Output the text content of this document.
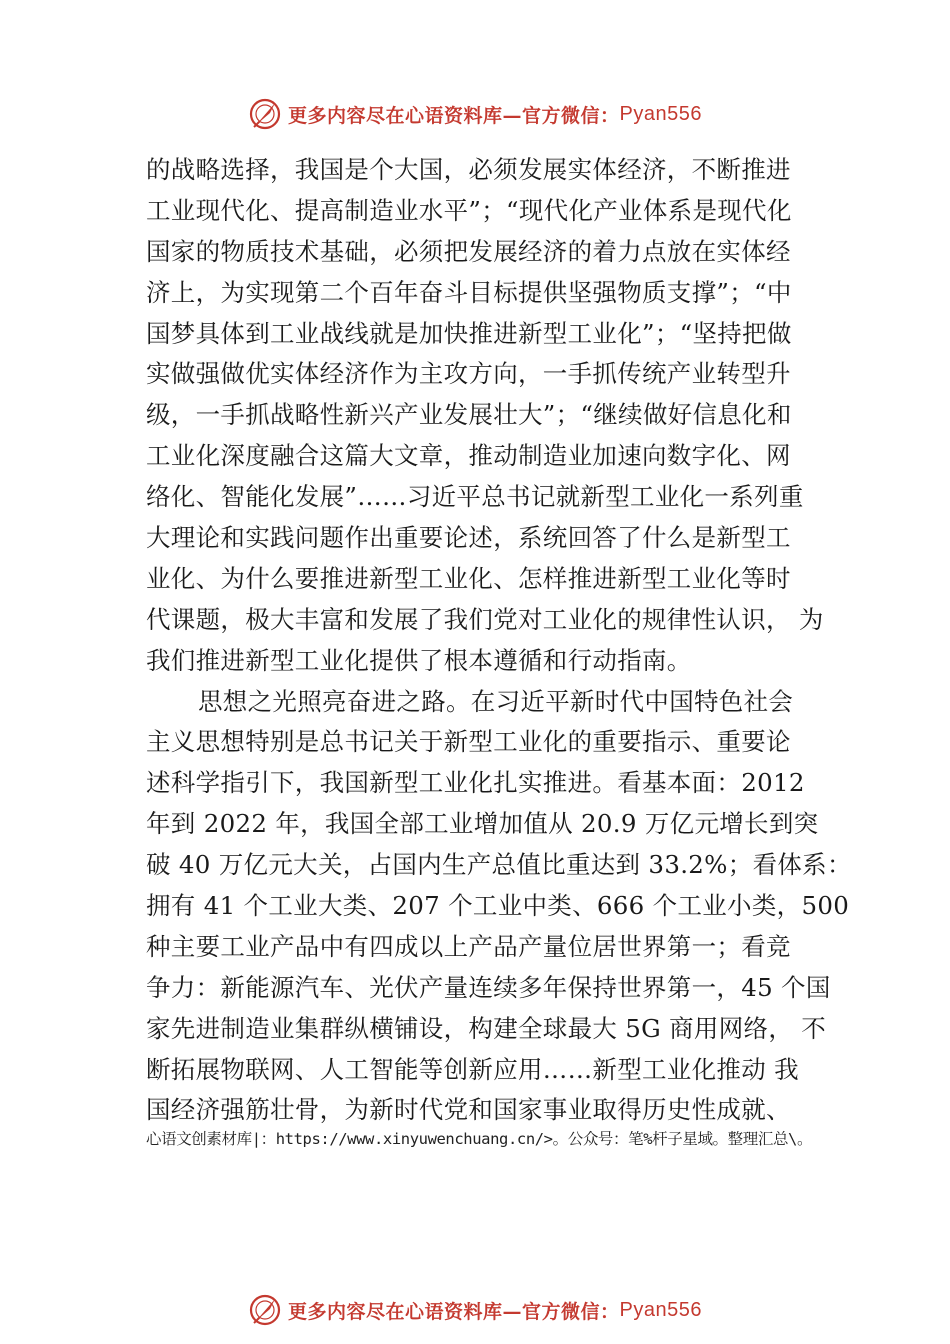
更多内容尽在心语资料库—官方微信： Pyan556
的战略选择，我国是个大国，必须发展实体经济，不断推进
工业现代化、提高制造业水平”；“现代化产业体系是现代化
国家的物质技术基础，必须把发展经济的着力点放在实体经
济上，为实现第二个百年奋斗目标提供坚强物质支撑”；“中
国梦具体到工业战线就是加快推进新型工业化”；“坚持把做
实做强做优实体经济作为主攻方向，一手抓传统产业转型升
级，一手抓战略性新兴产业发展壮大”；“继续做好信息化和
工业化深度融合这篇大文章，推动制造业加速向数字化、网
络化、智能化发展”……习近平总书记就新型工业化一系列重
大理论和实践问题作出重要论述，系统回答了什么是新型工
业化、为什么要推进新型工业化、怎样推进新型工业化等时
代课题，极大丰富和发展了我们党对工业化的规律性认识， 为
我们推进新型工业化提供了根本遵循和行动指南。
思想之光照亮奋进之路。在习近平新时代中国特色社会
主义思想特别是总书记关于新型工业化的重要指示、重要论
述科学指引下，我国新型工业化扎实推进。看基本面：2012
年到 2022 年，我国全部工业增加值从 20.9 万亿元增长到突
破 40 万亿元大关，占国内生产总值比重达到 33.2%；看体系：
拥有 41 个工业大类、207 个工业中类、666 个工业小类，500
种主要工业产品中有四成以上产品产量位居世界第一；看竞
争力：新能源汽车、光伏产量连续多年保持世界第一，45 个国
家先进制造业集群纵横铺设，构建全球最大 5G 商用网络， 不
断拓展物联网、人工智能等创新应用……新型工业化推动 我
国经济强筋壮骨，为新时代党和国家事业取得历史性成就、
心语文创素材库|：https://www.xinyuwenchuang.cn/>。公众号：笔%杆子星域。整理汇总\。
更多内容尽在心语资料库—官方微信： Pyan556
